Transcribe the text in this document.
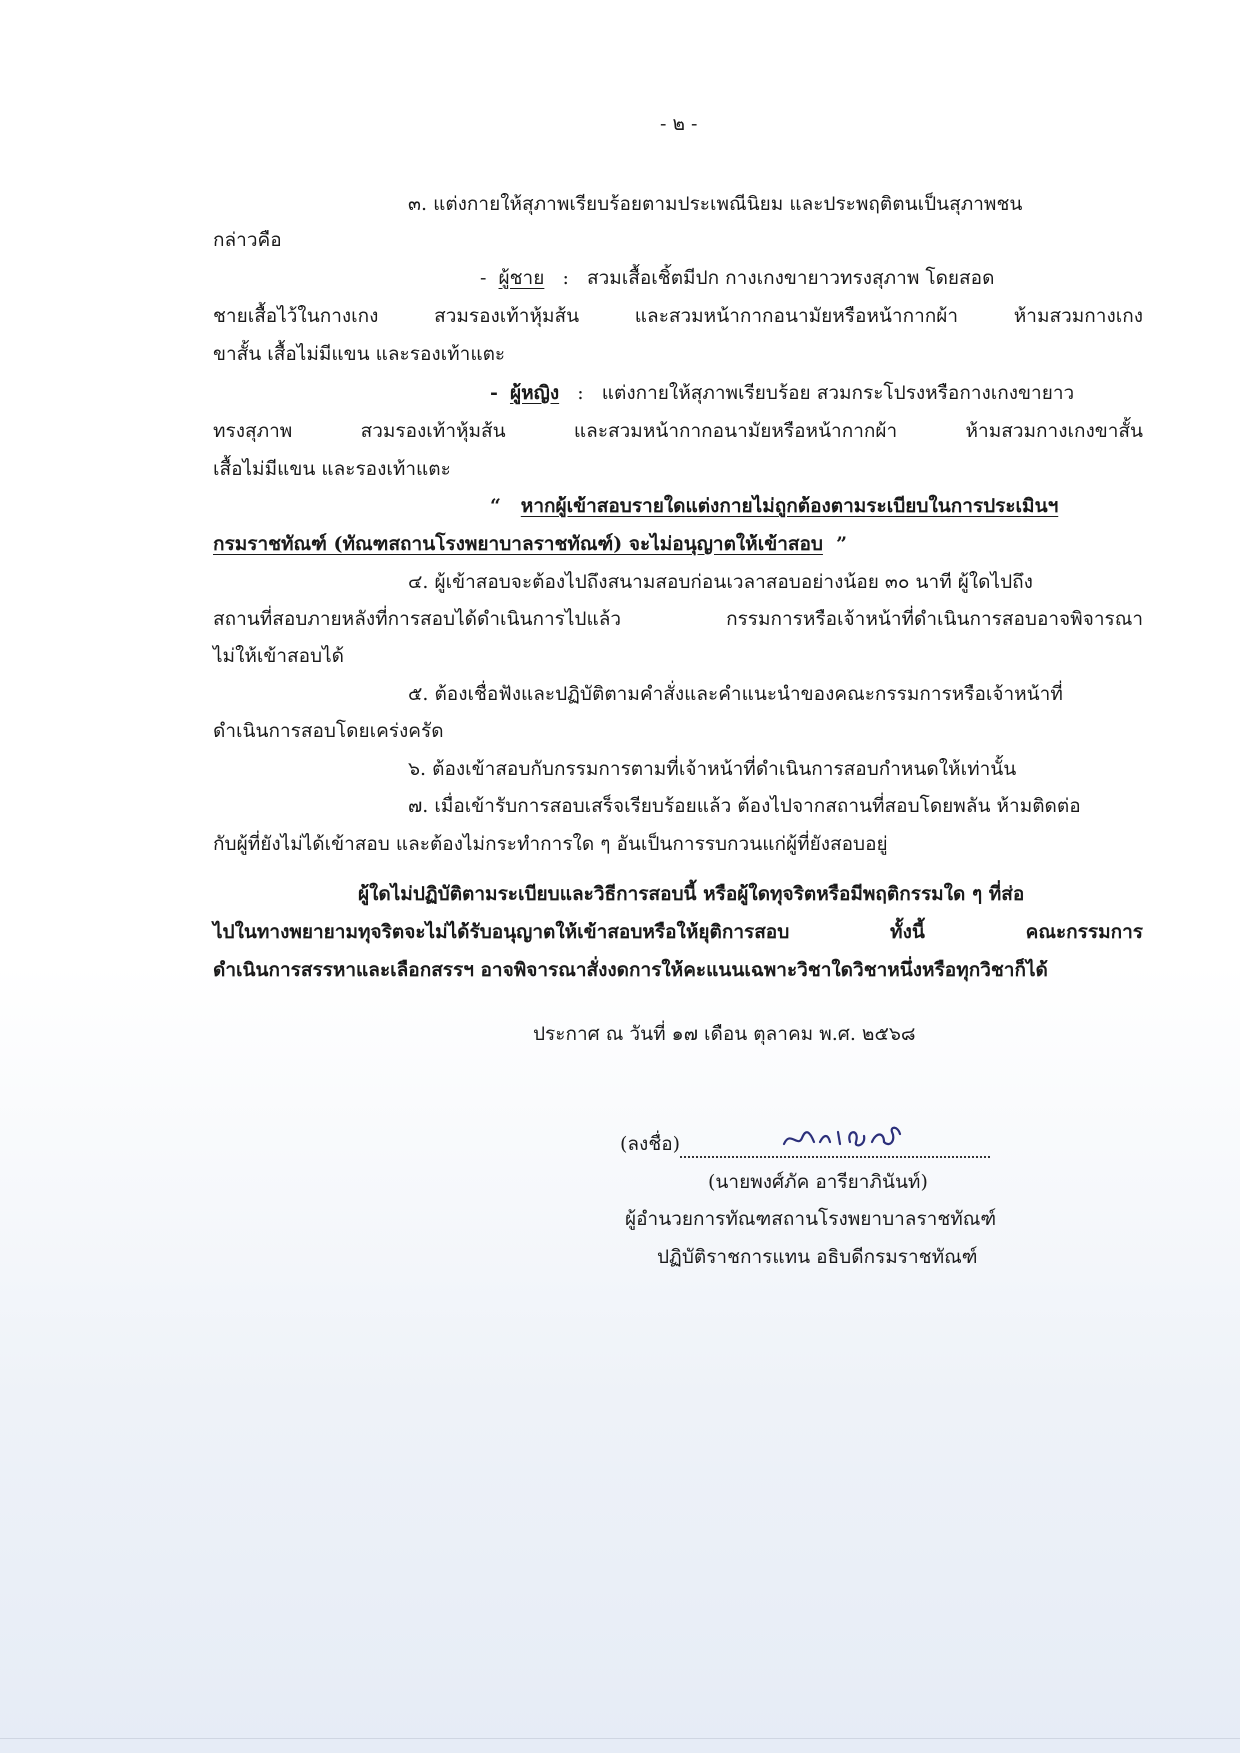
- ๒ -

๓. แต่งกายให้สุภาพเรียบร้อยตามประเพณีนิยม และประพฤติตนเป็นสุภาพชน

กล่าวคือ

- ผู้ชาย : สวมเสื้อเชิ้ตมีปก กางเกงขายาวทรงสุภาพ โดยสอด

ชายเสื้อไว้ในกางเกง สวมรองเท้าหุ้มส้น และสวมหน้ากากอนามัยหรือหน้ากากผ้า ห้ามสวมกางเกง

ขาสั้น เสื้อไม่มีแขน และรองเท้าแตะ

- ผู้หญิง : แต่งกายให้สุภาพเรียบร้อย สวมกระโปรงหรือกางเกงขายาว

ทรงสุภาพ สวมรองเท้าหุ้มส้น และสวมหน้ากากอนามัยหรือหน้ากากผ้า ห้ามสวมกางเกงขาสั้น

เสื้อไม่มีแขน และรองเท้าแตะ

“ หากผู้เข้าสอบรายใดแต่งกายไม่ถูกต้องตามระเบียบในการประเมินฯ

กรมราชทัณฑ์ (ทัณฑสถานโรงพยาบาลราชทัณฑ์) จะไม่อนุญาตให้เข้าสอบ ”

๔. ผู้เข้าสอบจะต้องไปถึงสนามสอบก่อนเวลาสอบอย่างน้อย ๓๐ นาที ผู้ใดไปถึง

สถานที่สอบภายหลังที่การสอบได้ดำเนินการไปแล้ว กรรมการหรือเจ้าหน้าที่ดำเนินการสอบอาจพิจารณา

ไม่ให้เข้าสอบได้

๕. ต้องเชื่อฟังและปฏิบัติตามคำสั่งและคำแนะนำของคณะกรรมการหรือเจ้าหน้าที่

ดำเนินการสอบโดยเคร่งครัด

๖. ต้องเข้าสอบกับกรรมการตามที่เจ้าหน้าที่ดำเนินการสอบกำหนดให้เท่านั้น

๗. เมื่อเข้ารับการสอบเสร็จเรียบร้อยแล้ว ต้องไปจากสถานที่สอบโดยพลัน ห้ามติดต่อ

กับผู้ที่ยังไม่ได้เข้าสอบ และต้องไม่กระทำการใด ๆ อันเป็นการรบกวนแก่ผู้ที่ยังสอบอยู่

ผู้ใดไม่ปฏิบัติตามระเบียบและวิธีการสอบนี้ หรือผู้ใดทุจริตหรือมีพฤติกรรมใด ๆ ที่ส่อ

ไปในทางพยายามทุจริตจะไม่ได้รับอนุญาตให้เข้าสอบหรือให้ยุติการสอบ ทั้งนี้ คณะกรรมการ

ดำเนินการสรรหาและเลือกสรรฯ อาจพิจารณาสั่งงดการให้คะแนนเฉพาะวิชาใดวิชาหนึ่งหรือทุกวิชาก็ได้

ประกาศ ณ วันที่ ๑๗ เดือน ตุลาคม พ.ศ. ๒๕๖๘

(ลงชื่อ)

(นายพงศ์ภัค อารียาภินันท์)

ผู้อำนวยการทัณฑสถานโรงพยาบาลราชทัณฑ์

ปฏิบัติราชการแทน อธิบดีกรมราชทัณฑ์
